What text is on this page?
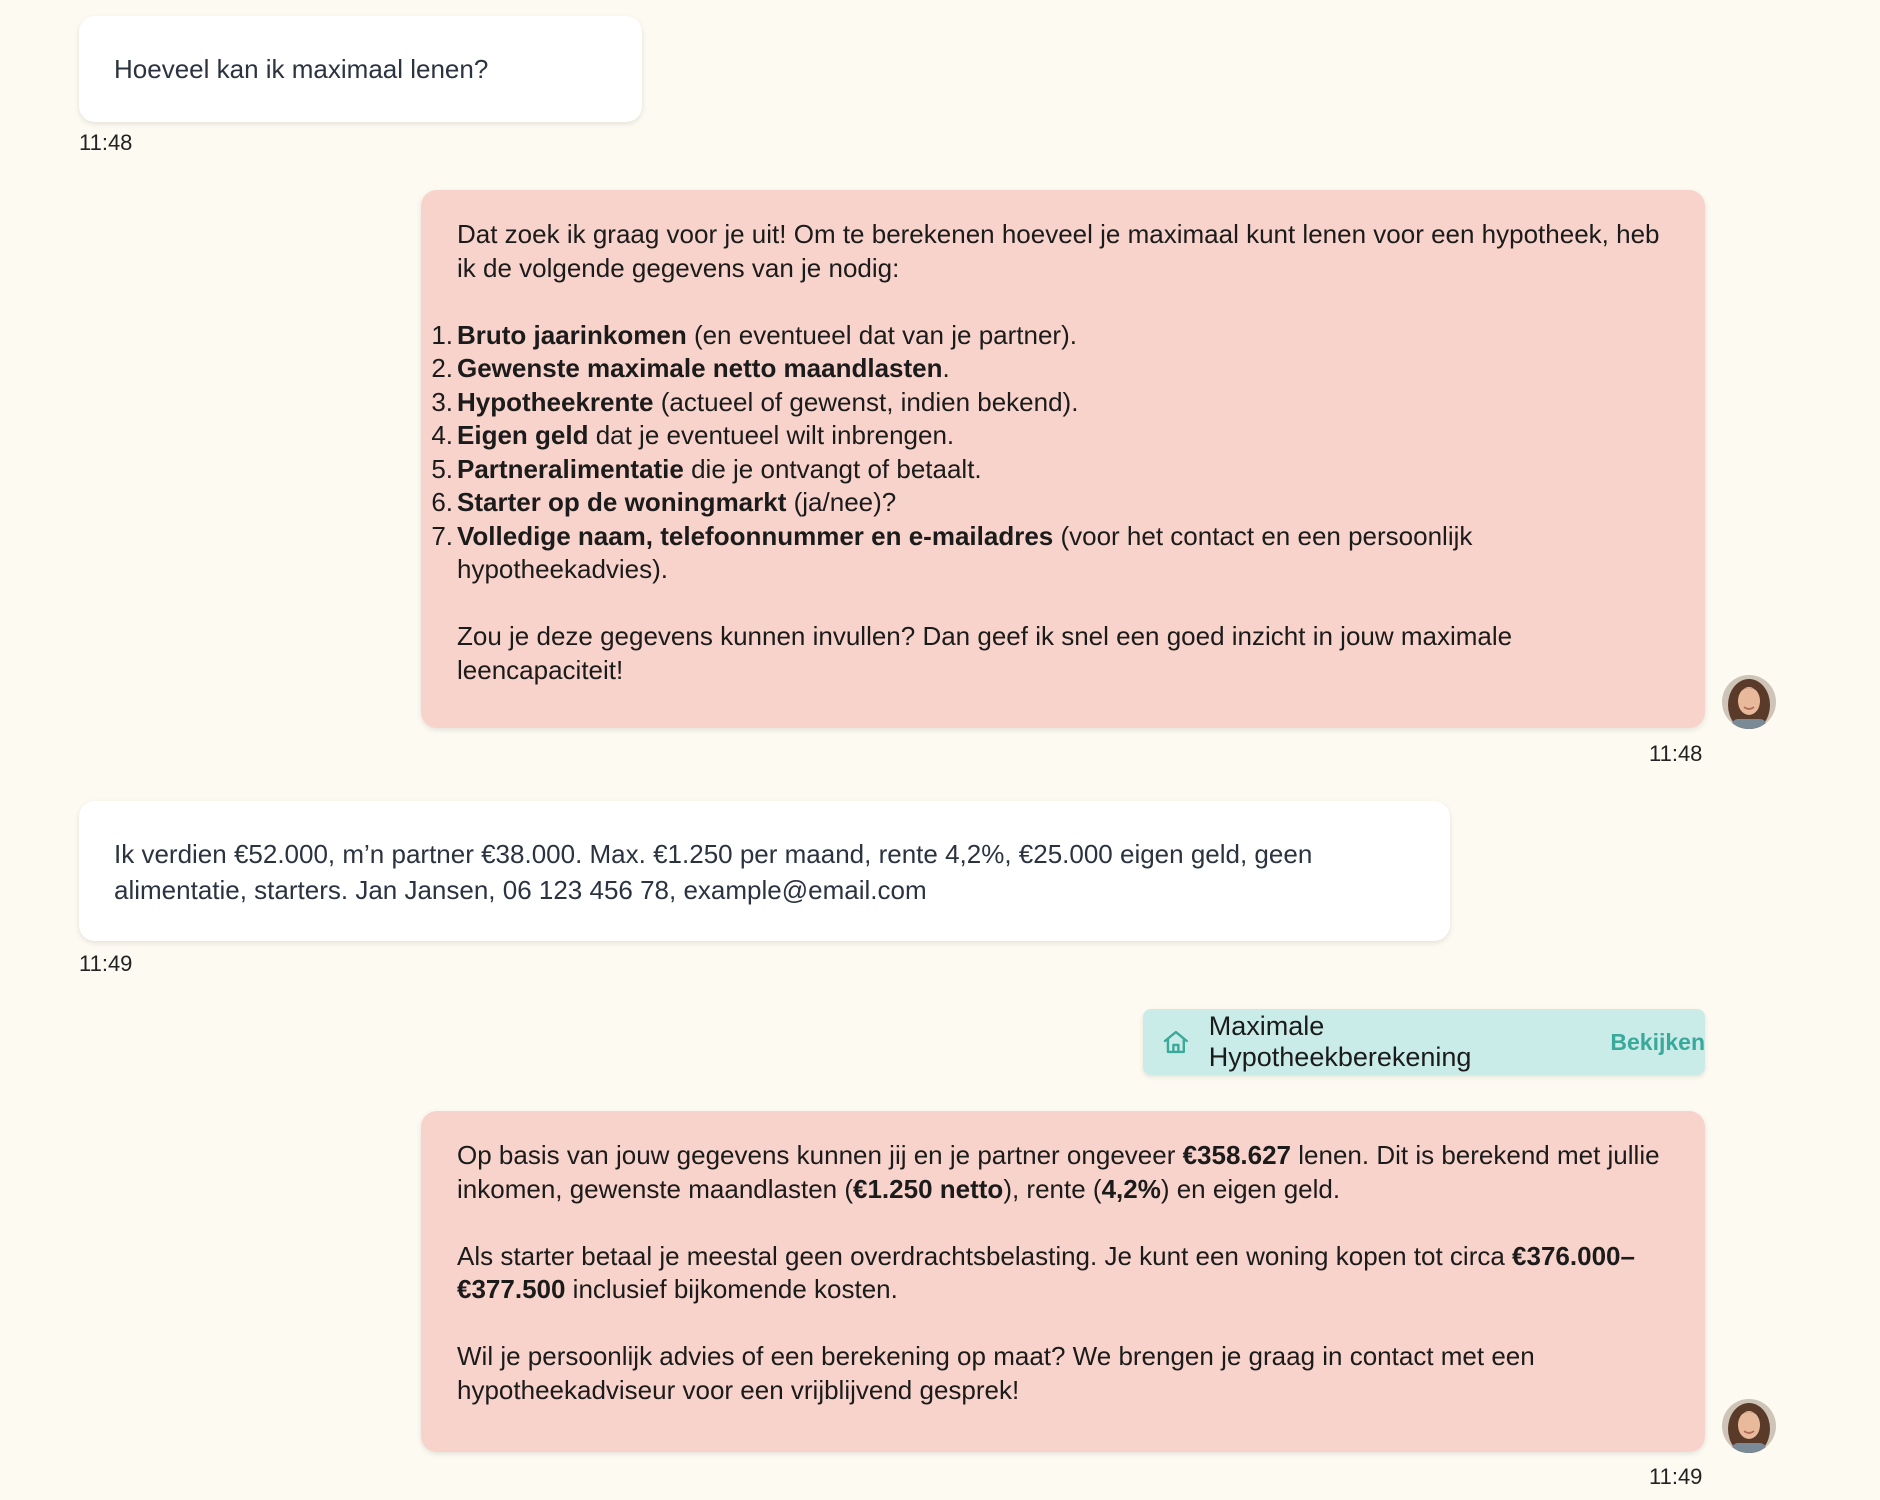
Hoeveel kan ik maximaal lenen?
11:48

Dat zoek ik graag voor je uit! Om te berekenen hoeveel je maximaal kunt lenen voor een hypotheek, heb ik de volgende gegevens van je nodig:

1. Bruto jaarinkomen (en eventueel dat van je partner).
2. Gewenste maximale netto maandlasten.
3. Hypotheekrente (actueel of gewenst, indien bekend).
4. Eigen geld dat je eventueel wilt inbrengen.
5. Partneralimentatie die je ontvangt of betaalt.
6. Starter op de woningmarkt (ja/nee)?
7. Volledige naam, telefoonnummer en e-mailadres (voor het contact en een persoonlijk hypotheekadvies).

Zou je deze gegevens kunnen invullen? Dan geef ik snel een goed inzicht in jouw maximale leencapaciteit!

11:48
Ik verdien €52.000, m’n partner €38.000. Max. €1.250 per maand, rente 4,2%, €25.000 eigen geld, geen alimentatie, starters. Jan Jansen, 06 123 456 78, example@email.com
11:49
Maximale Hypotheekberekening
Bekijken

Op basis van jouw gegevens kunnen jij en je partner ongeveer €358.627 lenen. Dit is berekend met jullie inkomen, gewenste maandlasten (€1.250 netto), rente (4,2%) en eigen geld.

Als starter betaal je meestal geen overdrachtsbelasting. Je kunt een woning kopen tot circa €376.000–€377.500 inclusief bijkomende kosten.

Wil je persoonlijk advies of een berekening op maat? We brengen je graag in contact met een hypotheekadviseur voor een vrijblijvend gesprek!

11:49
